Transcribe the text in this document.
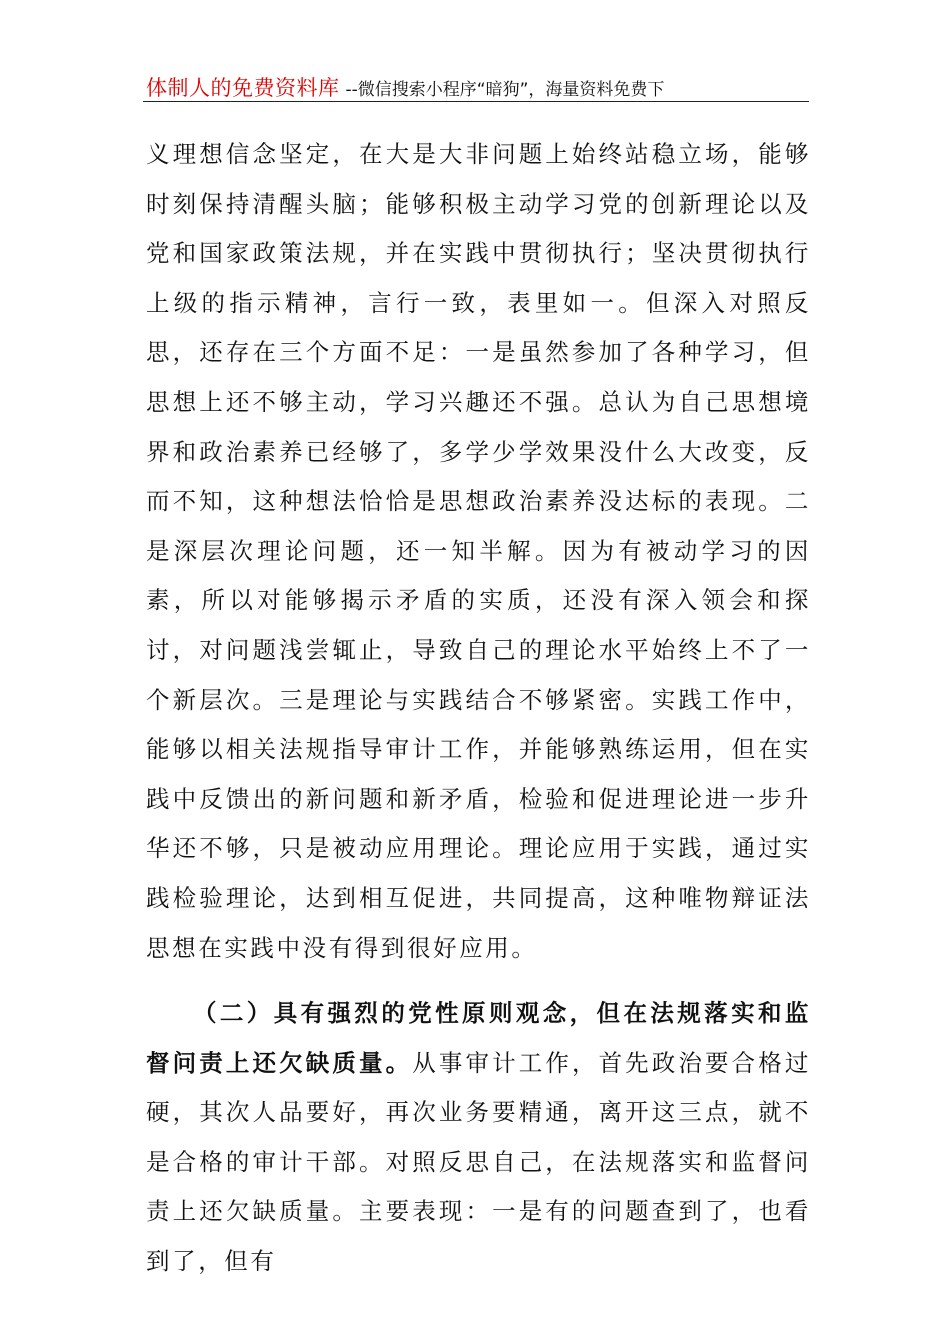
体制人的免费资料库 --微信搜索小程序“暗狗”，海量资料免费下

义理想信念坚定，在大是大非问题上始终站稳立场，能够时刻保持清醒头脑；能够积极主动学习党的创新理论以及党和国家政策法规，并在实践中贯彻执行；坚决贯彻执行上级的指示精神，言行一致，表里如一。但深入对照反思，还存在三个方面不足：一是虽然参加了各种学习，但思想上还不够主动，学习兴趣还不强。总认为自己思想境界和政治素养已经够了，多学少学效果没什么大改变，反而不知，这种想法恰恰是思想政治素养没达标的表现。二是深层次理论问题，还一知半解。因为有被动学习的因素，所以对能够揭示矛盾的实质，还没有深入领会和探讨，对问题浅尝辄止，导致自己的理论水平始终上不了一个新层次。三是理论与实践结合不够紧密。实践工作中，能够以相关法规指导审计工作，并能够熟练运用，但在实践中反馈出的新问题和新矛盾，检验和促进理论进一步升华还不够，只是被动应用理论。理论应用于实践，通过实践检验理论，达到相互促进，共同提高，这种唯物辩证法思想在实践中没有得到很好应用。

（二）具有强烈的党性原则观念，但在法规落实和监督问责上还欠缺质量。从事审计工作，首先政治要合格过硬，其次人品要好，再次业务要精通，离开这三点，就不是合格的审计干部。对照反思自己，在法规落实和监督问责上还欠缺质量。主要表现：一是有的问题查到了，也看到了，但有
